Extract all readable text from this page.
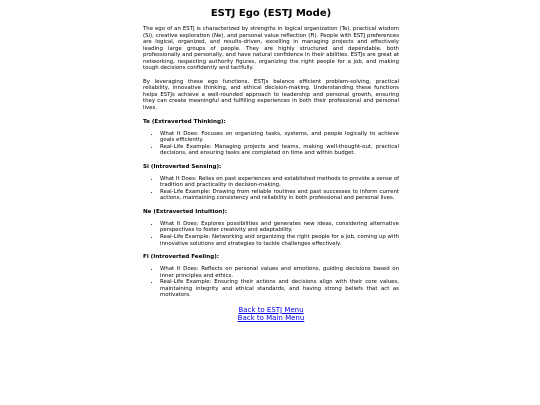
ESTJ Ego (ESTJ Mode)

The ego of an ESTJ is characterized by strengths in logical organization (Te), practical wisdom (Si), creative exploration (Ne), and personal value reflection (Fi). People with ESTJ preferences are logical, organized, and results-driven, excelling in managing projects and effectively leading large groups of people. They are highly structured and dependable, both professionally and personally, and have natural confidence in their abilities. ESTJs are great at networking, respecting authority figures, organizing the right people for a job, and making tough decisions confidently and tactfully.

By leveraging these ego functions, ESTJs balance efficient problem-solving, practical reliability, innovative thinking, and ethical decision-making. Understanding these functions helps ESTJs achieve a well-rounded approach to leadership and personal growth, ensuring they can create meaningful and fulfilling experiences in both their professional and personal lives.

Te (Extraverted Thinking):
• What It Does: Focuses on organizing tasks, systems, and people logically to achieve goals efficiently.
• Real-Life Example: Managing projects and teams, making well-thought-out, practical decisions, and ensuring tasks are completed on time and within budget.
Si (Introverted Sensing):
• What It Does: Relies on past experiences and established methods to provide a sense of tradition and practicality in decision-making.
• Real-Life Example: Drawing from reliable routines and past successes to inform current actions, maintaining consistency and reliability in both professional and personal lives.
Ne (Extraverted Intuition):
• What It Does: Explores possibilities and generates new ideas, considering alternative perspectives to foster creativity and adaptability.
• Real-Life Example: Networking and organizing the right people for a job, coming up with innovative solutions and strategies to tackle challenges effectively.
Fi (Introverted Feeling):
• What It Does: Reflects on personal values and emotions, guiding decisions based on inner principles and ethics.
• Real-Life Example: Ensuring their actions and decisions align with their core values, maintaining integrity and ethical standards, and having strong beliefs that act as motivators.
Back to ESTJ Menu
Back to Main Menu
